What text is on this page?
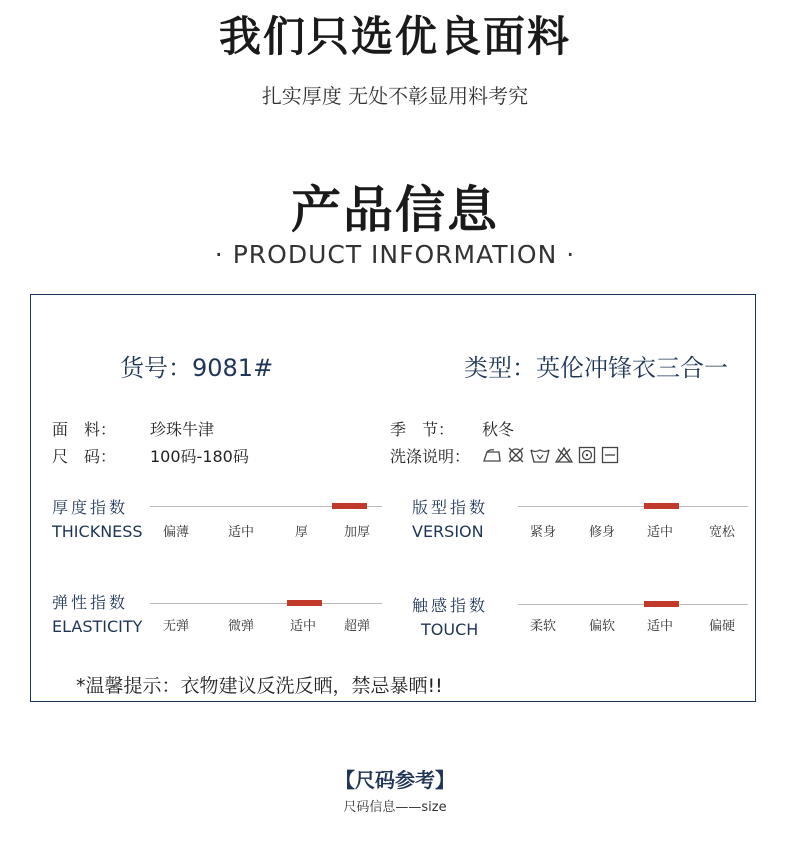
我们只选优良面料
扎实厚度 无处不彰显用料考究
产品信息
· PRODUCT INFORMATION ·
货号：9081#	类型：英伦冲锋衣三合一
面　料： 珍珠牛津	季　节： 秋冬
尺　码： 100码-180码	洗涤说明：
厚度指数
THICKNESS 偏薄	适中	厚	加厚
版型指数
VERSION	紧身	修身 适中	宽松
弹性指数
ELASTICITY 无弹	微弹	适中 超弹
触感指数
TOUCH	柔软	偏软 适中	偏硬
*温馨提示：衣物建议反洗反晒，禁忌暴晒!!
【尺码参考】
尺码信息——size
